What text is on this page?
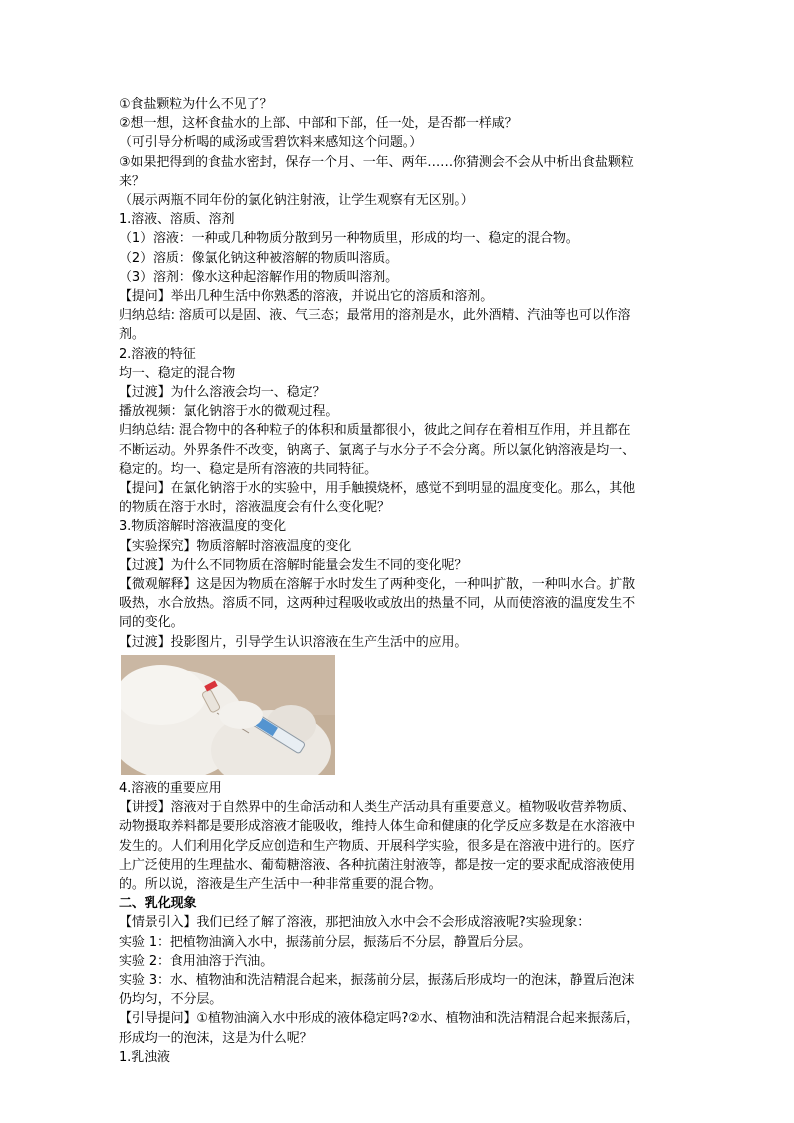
①食盐颗粒为什么不见了？
②想一想，这杯食盐水的上部、中部和下部，任一处，是否都一样咸？
（可引导分析喝的咸汤或雪碧饮料来感知这个问题。）
③如果把得到的食盐水密封，保存一个月、一年、两年……你猜测会不会从中析出食盐颗粒
来？
（展示两瓶不同年份的氯化钠注射液，让学生观察有无区别。）
1.溶液、溶质、溶剂
（1）溶液：一种或几种物质分散到另一种物质里，形成的均一、稳定的混合物。
（2）溶质：像氯化钠这种被溶解的物质叫溶质。
（3）溶剂：像水这种起溶解作用的物质叫溶剂。
【提问】举出几种生活中你熟悉的溶液，并说出它的溶质和溶剂。
归纳总结: 溶质可以是固、液、气三态；最常用的溶剂是水，此外酒精、汽油等也可以作溶
剂。
2.溶液的特征
均一、稳定的混合物
【过渡】为什么溶液会均一、稳定？
播放视频：氯化钠溶于水的微观过程。
归纳总结: 混合物中的各种粒子的体积和质量都很小，彼此之间存在着相互作用，并且都在
不断运动。外界条件不改变，钠离子、氯离子与水分子不会分离。所以氯化钠溶液是均一、
稳定的。均一、稳定是所有溶液的共同特征。
【提问】在氯化钠溶于水的实验中，用手触摸烧杯，感觉不到明显的温度变化。那么，其他
的物质在溶于水时，溶液温度会有什么变化呢？
3.物质溶解时溶液温度的变化
【实验探究】物质溶解时溶液温度的变化
【过渡】为什么不同物质在溶解时能量会发生不同的变化呢？
【微观解释】这是因为物质在溶解于水时发生了两种变化，一种叫扩散，一种叫水合。扩散
吸热，水合放热。溶质不同，这两种过程吸收或放出的热量不同，从而使溶液的温度发生不
同的变化。
【过渡】投影图片，引导学生认识溶液在生产生活中的应用。
4.溶液的重要应用
【讲授】溶液对于自然界中的生命活动和人类生产活动具有重要意义。植物吸收营养物质、
动物摄取养料都是要形成溶液才能吸收，维持人体生命和健康的化学反应多数是在水溶液中
发生的。人们利用化学反应创造和生产物质、开展科学实验，很多是在溶液中进行的。医疗
上广泛使用的生理盐水、葡萄糖溶液、各种抗菌注射液等，都是按一定的要求配成溶液使用
的。所以说，溶液是生产生活中一种非常重要的混合物。
二、乳化现象
【情景引入】我们已经了解了溶液，那把油放入水中会不会形成溶液呢?实验现象：
实验 1：把植物油滴入水中，振荡前分层，振荡后不分层，静置后分层。
实验 2：食用油溶于汽油。
实验 3：水、植物油和洗洁精混合起来，振荡前分层，振荡后形成均一的泡沫，静置后泡沫
仍均匀，不分层。
【引导提问】①植物油滴入水中形成的液体稳定吗?②水、植物油和洗洁精混合起来振荡后，
形成均一的泡沫，这是为什么呢？
1.乳浊液
